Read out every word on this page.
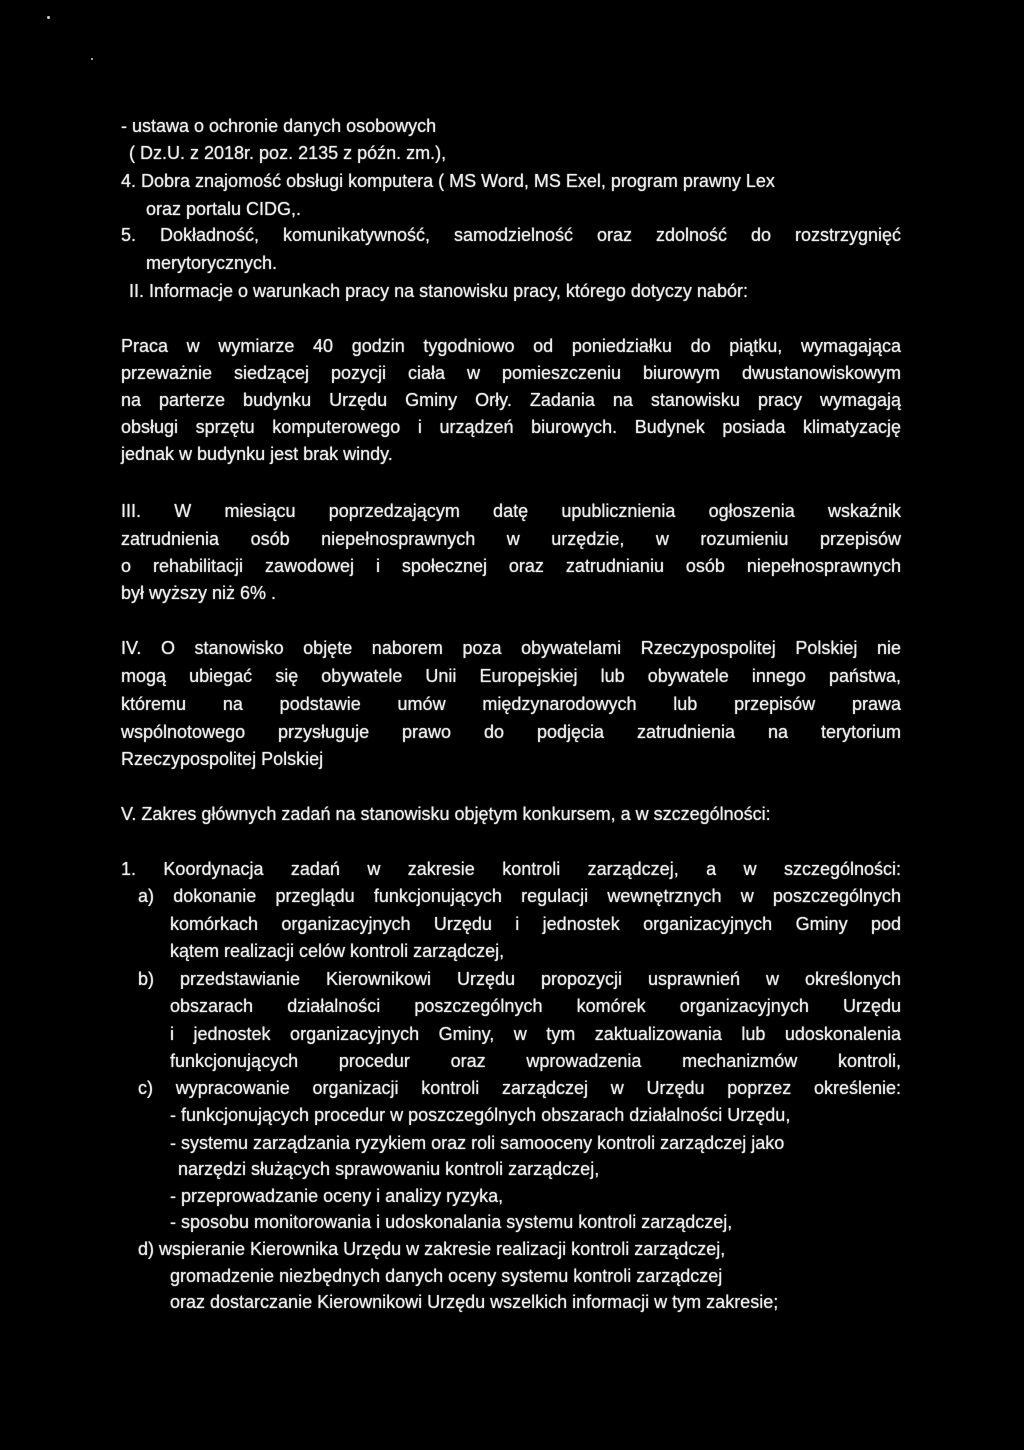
- ustawa o ochronie danych osobowych
( Dz.U. z 2018r. poz. 2135 z późn. zm.),
4. Dobra znajomość obsługi komputera ( MS Word, MS Exel, program prawny Lex
oraz portalu CIDG,.
5. Dokładność, komunikatywność, samodzielność oraz zdolność do rozstrzygnięć
merytorycznych.
II. Informacje o warunkach pracy na stanowisku pracy, którego dotyczy nabór:
Praca w wymiarze 40 godzin tygodniowo od poniedziałku do piątku, wymagająca
przeważnie siedzącej pozycji ciała w pomieszczeniu biurowym dwustanowiskowym
na parterze budynku Urzędu Gminy Orły. Zadania na stanowisku pracy wymagają
obsługi sprzętu komputerowego i urządzeń biurowych. Budynek posiada klimatyzację
jednak w budynku jest brak windy.
III. W miesiącu poprzedzającym datę upublicznienia ogłoszenia wskaźnik
zatrudnienia osób niepełnosprawnych w urzędzie, w rozumieniu przepisów
o rehabilitacji zawodowej i społecznej oraz zatrudnianiu osób niepełnosprawnych
był wyższy niż 6% .
IV. O stanowisko objęte naborem poza obywatelami Rzeczypospolitej Polskiej nie
mogą ubiegać się obywatele Unii Europejskiej lub obywatele innego państwa,
któremu na podstawie umów międzynarodowych lub przepisów prawa
wspólnotowego przysługuje prawo do podjęcia zatrudnienia na terytorium
Rzeczypospolitej Polskiej
V. Zakres głównych zadań na stanowisku objętym konkursem, a w szczególności:
1. Koordynacja zadań w zakresie kontroli zarządczej, a w szczególności:
a) dokonanie przeglądu funkcjonujących regulacji wewnętrznych w poszczególnych
komórkach organizacyjnych Urzędu i jednostek organizacyjnych Gminy pod
kątem realizacji celów kontroli zarządczej,
b) przedstawianie Kierownikowi Urzędu propozycji usprawnień w określonych
obszarach działalności poszczególnych komórek organizacyjnych Urzędu
i jednostek organizacyjnych Gminy, w tym zaktualizowania lub udoskonalenia
funkcjonujących procedur oraz wprowadzenia mechanizmów kontroli,
c) wypracowanie organizacji kontroli zarządczej w Urzędu poprzez określenie:
- funkcjonujących procedur w poszczególnych obszarach działalności Urzędu,
- systemu zarządzania ryzykiem oraz roli samooceny kontroli zarządczej jako
narzędzi służących sprawowaniu kontroli zarządczej,
- przeprowadzanie oceny i analizy ryzyka,
- sposobu monitorowania i udoskonalania systemu kontroli zarządczej,
d) wspieranie Kierownika Urzędu w zakresie realizacji kontroli zarządczej,
gromadzenie niezbędnych danych oceny systemu kontroli zarządczej
oraz dostarczanie Kierownikowi Urzędu wszelkich informacji w tym zakresie;
